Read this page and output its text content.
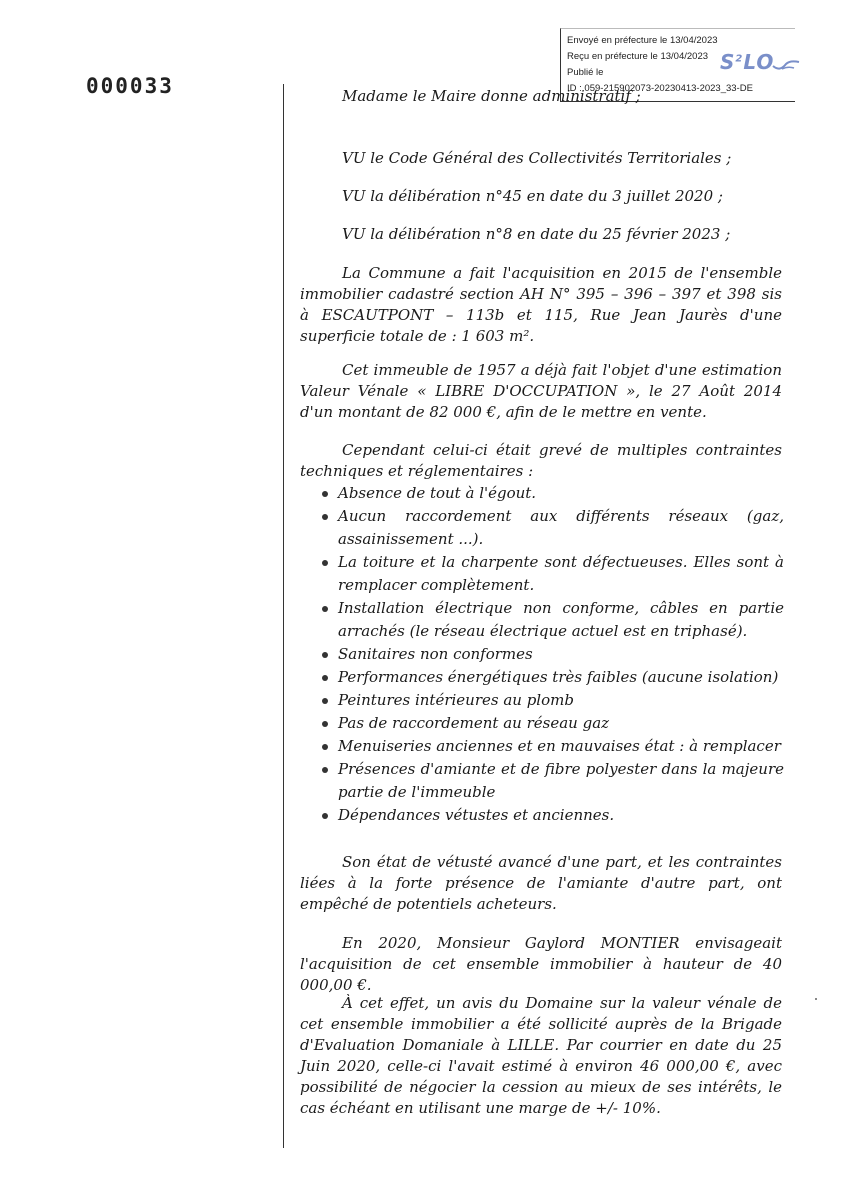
000033
Envoyé en préfecture le 13/04/2023
Reçu en préfecture le 13/04/2023
Publié le
ID : 059-215902073-20230413-2023_33-DE
$S^2LO$
Madame le Maire donne administratif ;
VU le Code Général des Collectivités Territoriales ;
VU la délibération n°45 en date du 3 juillet 2020 ;
VU la délibération n°8 en date du 25 février 2023 ;
La Commune a fait l'acquisition en 2015 de l'ensemble immobilier cadastré section AH N° 395 – 396 – 397 et 398 sis à ESCAUTPONT – 113b et 115, Rue Jean Jaurès d'une superficie totale de : 1 603 m².
Cet immeuble de 1957 a déjà fait l'objet d'une estimation Valeur Vénale « LIBRE D'OCCUPATION », le 27 Août 2014 d'un montant de 82 000 €, afin de le mettre en vente.
Cependant celui-ci était grevé de multiples contraintes techniques et réglementaires :
Absence de tout à l'égout.
Aucun raccordement aux différents réseaux (gaz, assainissement ...).
La toiture et la charpente sont défectueuses. Elles sont à remplacer complètement.
Installation électrique non conforme, câbles en partie arrachés (le réseau électrique actuel est en triphasé).
Sanitaires non conformes
Performances énergétiques très faibles (aucune isolation)
Peintures intérieures au plomb
Pas de raccordement au réseau gaz
Menuiseries anciennes et en mauvaises état : à remplacer
Présences d'amiante et de fibre polyester dans la majeure partie de l'immeuble
Dépendances vétustes et anciennes.
Son état de vétusté avancé d'une part, et les contraintes liées à la forte présence de l'amiante d'autre part, ont empêché de potentiels acheteurs.
En 2020, Monsieur Gaylord MONTIER envisageait l'acquisition de cet ensemble immobilier à hauteur de 40 000,00 €.
À cet effet, un avis du Domaine sur la valeur vénale de cet ensemble immobilier a été sollicité auprès de la Brigade d'Evaluation Domaniale à LILLE. Par courrier en date du 25 Juin 2020, celle-ci l'avait estimé à environ 46 000,00 €, avec possibilité de négocier la cession au mieux de ses intérêts, le cas échéant en utilisant une marge de +/- 10%.
